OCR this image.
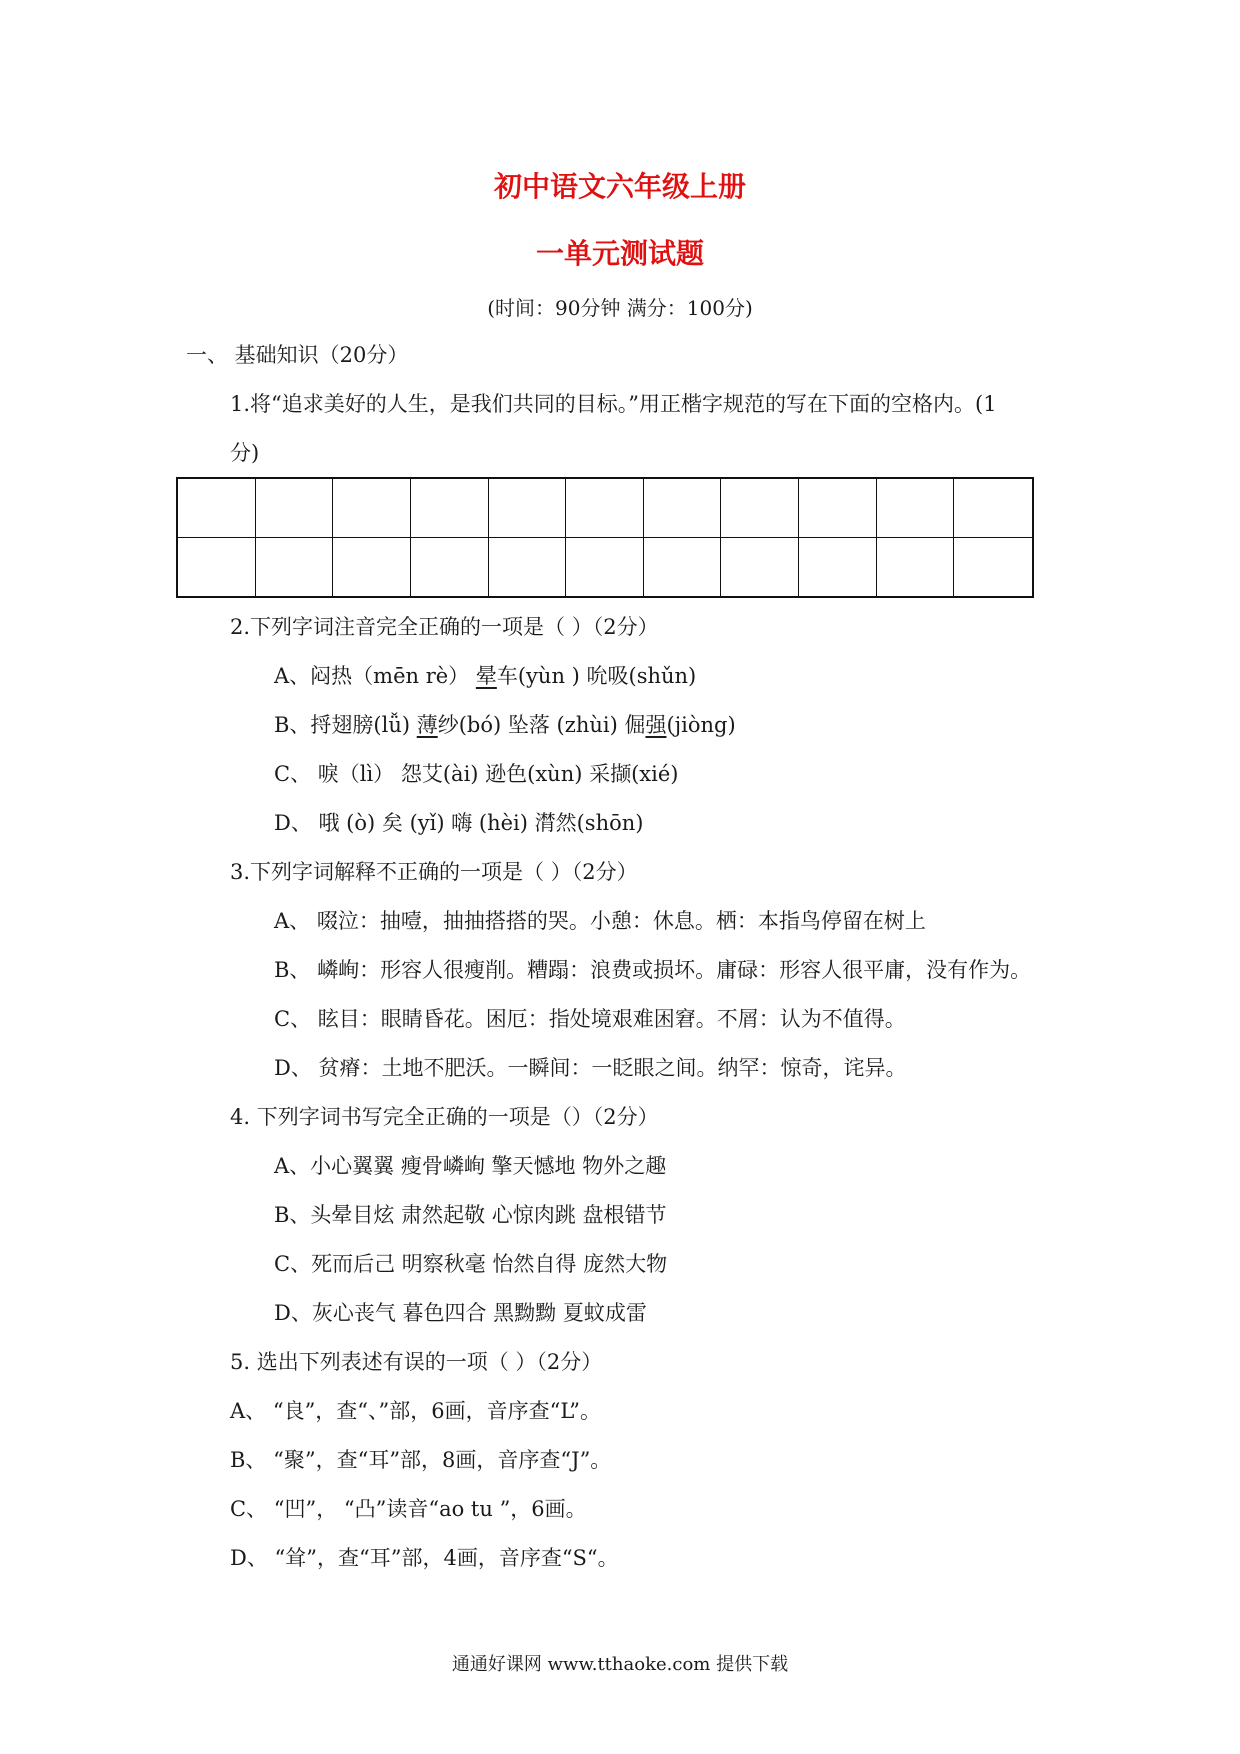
初中语文六年级上册
一单元测试题
(时间：90分钟 满分：100分)
一、 基础知识（20分）
1.将“追求美好的人生，是我们共同的目标。”用正楷字规范的写在下面的空格内。(1
分)
2.下列字词注音完全正确的一项是（ ）（2分）
A、闷热（mēn rè） 晕车(yùn ) 吮吸(shǔn)
B、捋翅膀(lǚ) 薄纱(bó) 坠落 (zhùi) 倔强(jiòng)
C、 唳（lì） 怨艾(ài) 逊色(xùn) 采撷(xié)
D、 哦 (ò) 矣 (yǐ) 嗨 (hèi) 潸然(shōn)
3.下列字词解释不正确的一项是（ ）（2分）
A、 啜泣：抽噎，抽抽搭搭的哭。小憩：休息。栖：本指鸟停留在树上
B、 嶙峋：形容人很瘦削。糟蹋：浪费或损坏。庸碌：形容人很平庸，没有作为。
C、 眩目：眼睛昏花。困厄：指处境艰难困窘。不屑：认为不值得。
D、 贫瘠：土地不肥沃。一瞬间：一眨眼之间。纳罕：惊奇，诧异。
4. 下列字词书写完全正确的一项是（）（2分）
A、小心翼翼 瘦骨嶙峋 擎天憾地 物外之趣
B、头晕目炫 肃然起敬 心惊肉跳 盘根错节
C、死而后己 明察秋毫 怡然自得 庞然大物
D、灰心丧气 暮色四合 黑黝黝 夏蚊成雷
5. 选出下列表述有误的一项（ ）（2分）
A、 “良”，查“、”部，6画，音序查“L”。
B、 “聚”，查“耳”部，8画，音序查“J”。
C、 “凹”， “凸”读音“ao tu ”，6画。
D、 “耸”，查“耳”部，4画，音序查“S“。
通通好课网 www.tthaoke.com 提供下载
